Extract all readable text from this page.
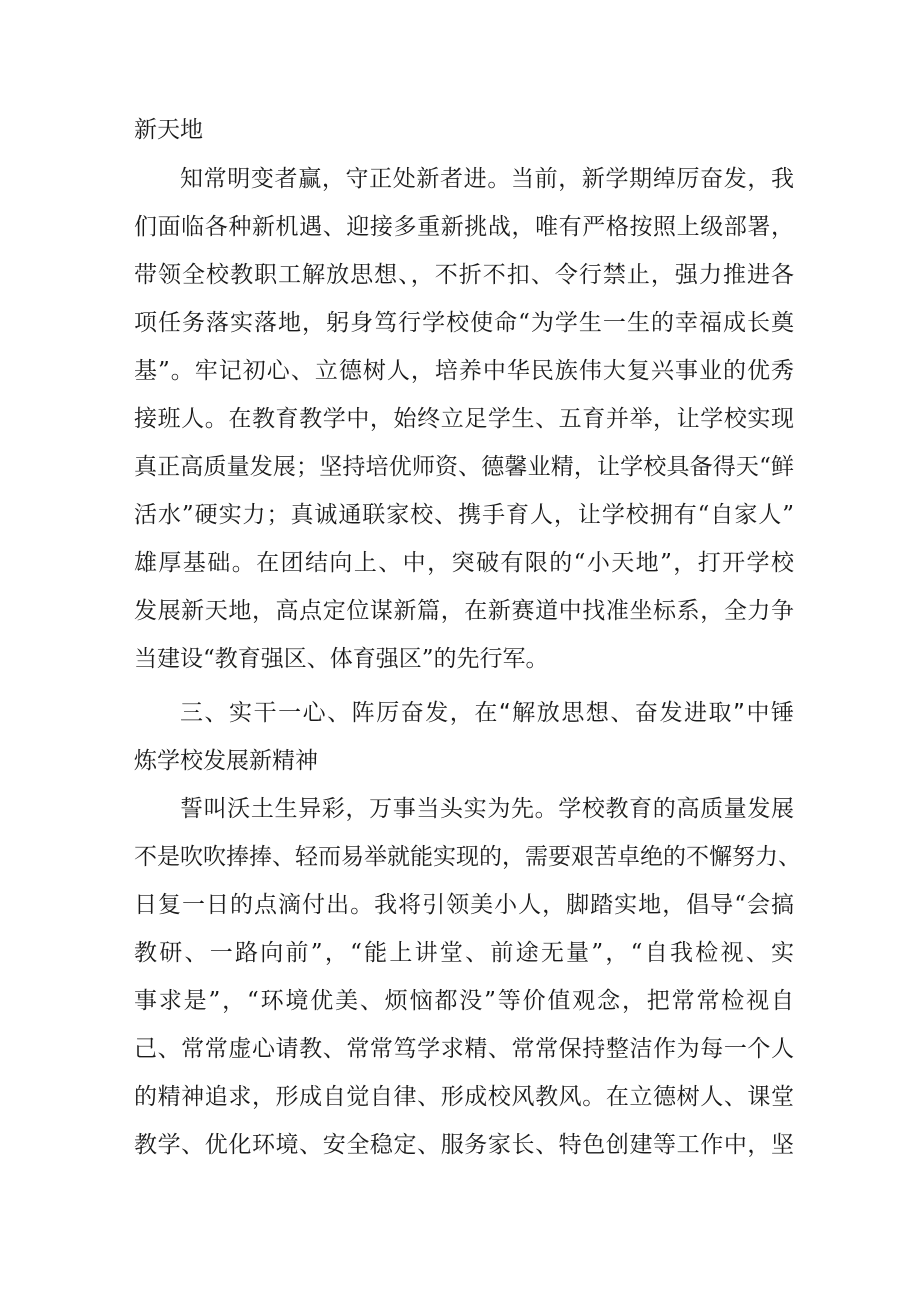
新天地
知常明变者赢，守正处新者进。当前，新学期绰厉奋发，我
们面临各种新机遇、迎接多重新挑战，唯有严格按照上级部署，
带领全校教职工解放思想、，不折不扣、令行禁止，强力推进各
项任务落实落地，躬身笃行学校使命“为学生一生的幸福成长奠
基”。牢记初心、立德树人，培养中华民族伟大复兴事业的优秀
接班人。在教育教学中，始终立足学生、五育并举，让学校实现
真正高质量发展；坚持培优师资、德馨业精，让学校具备得天“鲜
活水”硬实力；真诚通联家校、携手育人，让学校拥有“自家人”
雄厚基础。在团结向上、中，突破有限的“小天地”，打开学校
发展新天地，高点定位谋新篇，在新赛道中找准坐标系，全力争
当建设“教育强区、体育强区”的先行军。
三、实干一心、阵厉奋发，在“解放思想、奋发进取”中锤
炼学校发展新精神
誓叫沃土生异彩，万事当头实为先。学校教育的高质量发展
不是吹吹捧捧、轻而易举就能实现的，需要艰苦卓绝的不懈努力、
日复一日的点滴付出。我将引领美小人，脚踏实地，倡导“会搞
教研、一路向前”，“能上讲堂、前途无量”，“自我检视、实
事求是”，“环境优美、烦恼都没”等价值观念，把常常检视自
己、常常虚心请教、常常笃学求精、常常保持整洁作为每一个人
的精神追求，形成自觉自律、形成校风教风。在立德树人、课堂
教学、优化环境、安全稳定、服务家长、特色创建等工作中，坚
